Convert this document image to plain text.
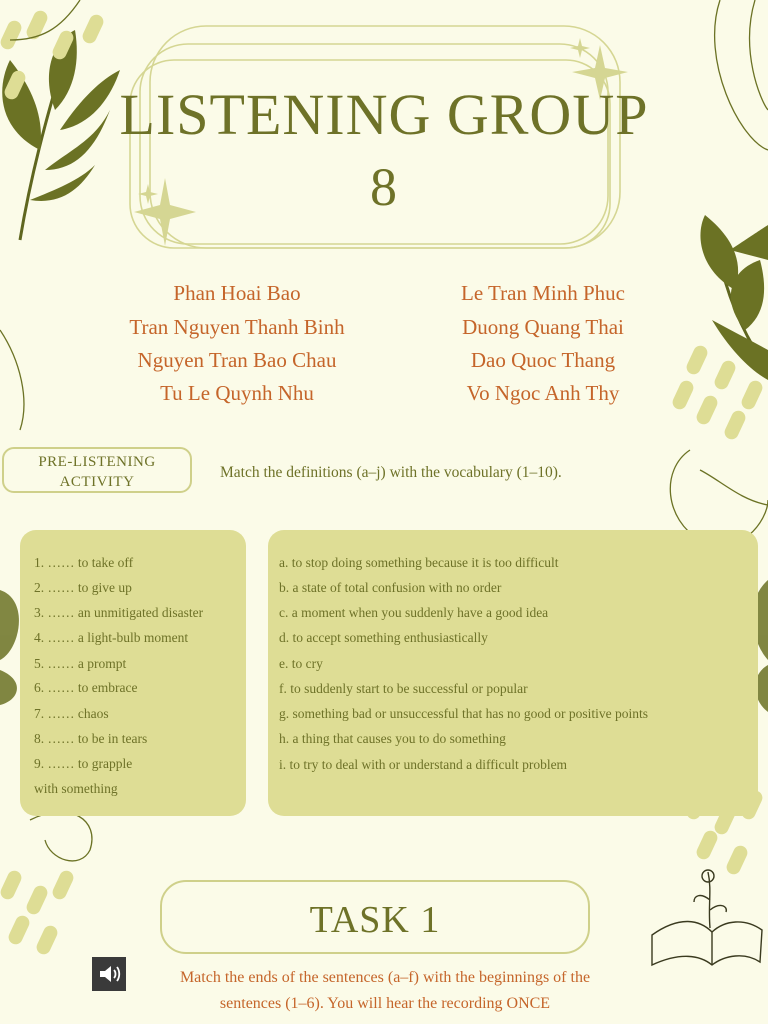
LISTENING GROUP
8
Phan Hoai Bao
Tran Nguyen Thanh Binh
Nguyen Tran Bao Chau
Tu Le Quynh Nhu
Le Tran Minh Phuc
Duong Quang Thai
Dao Quoc Thang
Vo Ngoc Anh Thy
PRE-LISTENING
ACTIVITY
Match the definitions (a–j) with the vocabulary (1–10).
1. …… to take off
2. …… to give up
3. …… an unmitigated disaster
4. …… a light-bulb moment
5. …… a prompt
6. …… to embrace
7. …… chaos
8. …… to be in tears
9. …… to grapple
with something
a. to stop doing something because it is too difficult
b. a state of total confusion with no order
c. a moment when you suddenly have a good idea
d. to accept something enthusiastically
e. to cry
f. to suddenly start to be successful or popular
g. something bad or unsuccessful that has no good or positive points
h. a thing that causes you to do something
i. to try to deal with or understand a difficult problem
TASK 1
Match the ends of the sentences (a–f) with the beginnings of the
sentences (1–6). You will hear the recording ONCE
